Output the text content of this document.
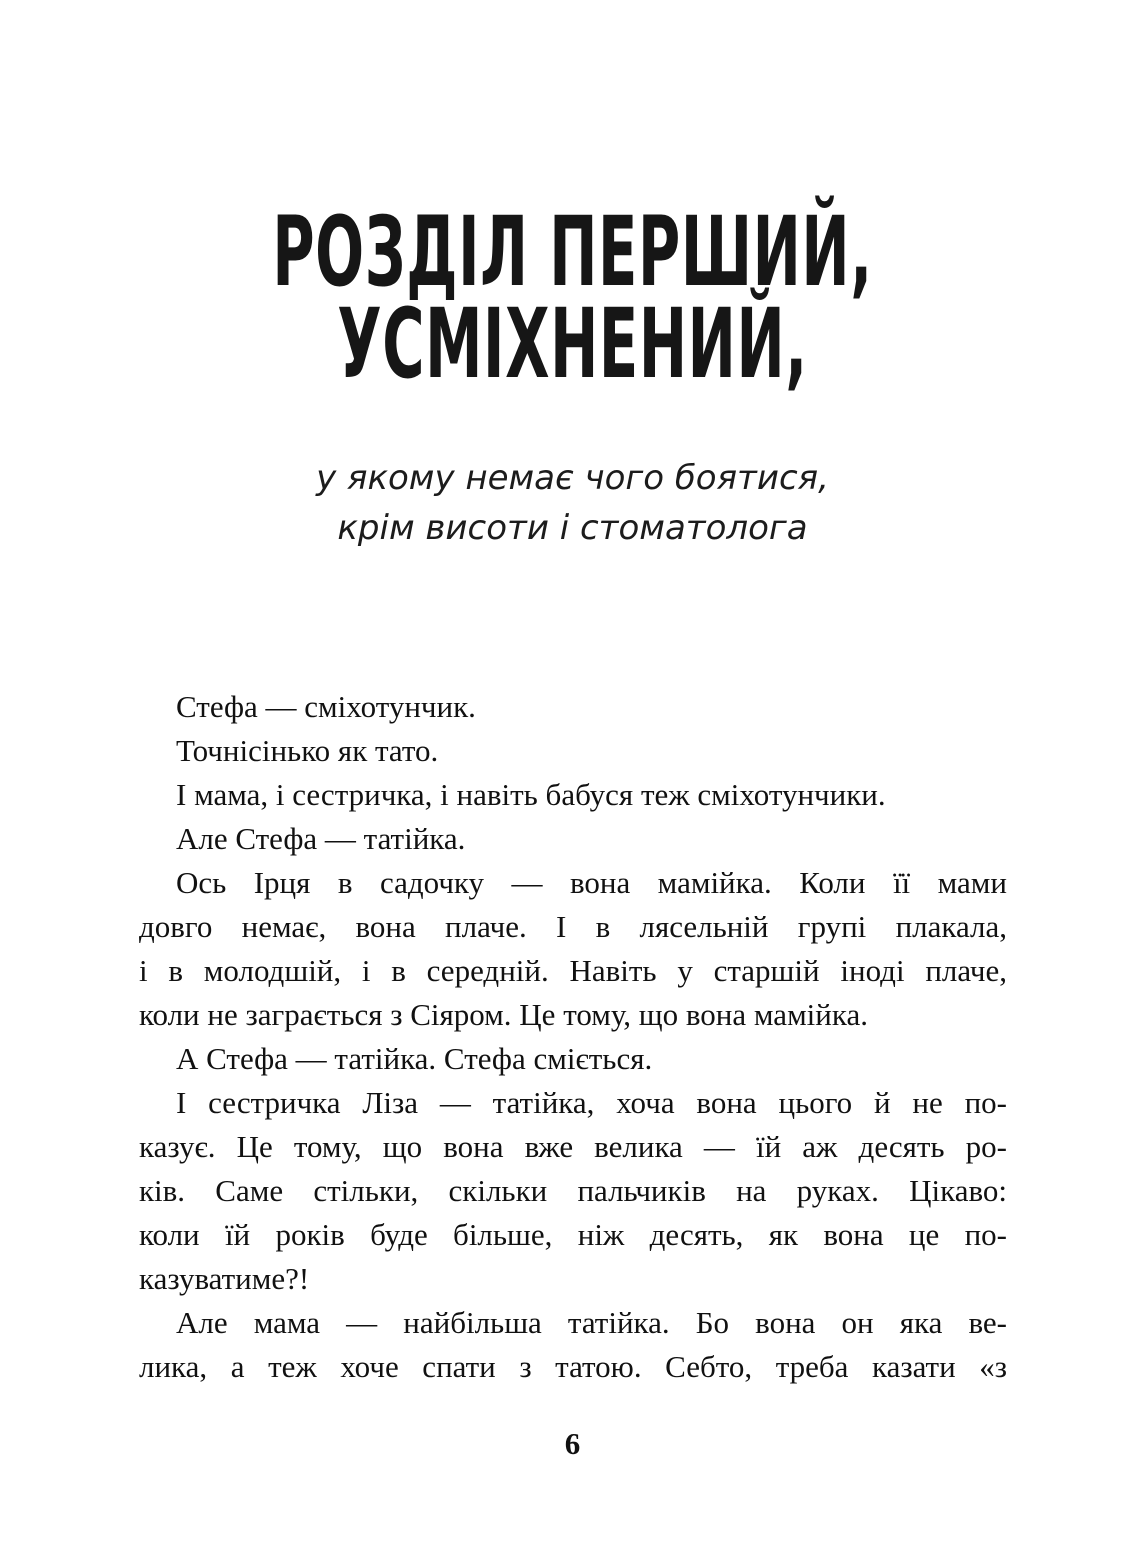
РОЗДІЛ ПЕРШИЙ,
УСМІХНЕНИЙ,
у якому немає чого боятися,
крім висоти і стоматолога
Стефа — сміхотунчик.
Точнісінько як тато.
І мама, і сестричка, і навіть бабуся теж сміхотунчики.
Але Стефа — татійка.
Ось Ірця в садочку — вона мамійка. Коли її мами
довго немає, вона плаче. І в лясельній групі плакала,
і в молодшій, і в середній. Навіть у старшій іноді плаче,
коли не заграється з Сіяром. Це тому, що вона мамійка.
А Стефа — татійка. Стефа сміється.
І сестричка Ліза — татійка, хоча вона цього й не по-
казує. Це тому, що вона вже велика — їй аж десять ро-
ків. Саме стільки, скільки пальчиків на руках. Цікаво:
коли їй років буде більше, ніж десять, як вона це по-
казуватиме?!
Але мама — найбільша татійка. Бо вона он яка ве-
лика, а теж хоче спати з татою. Себто, треба казати «з
6
